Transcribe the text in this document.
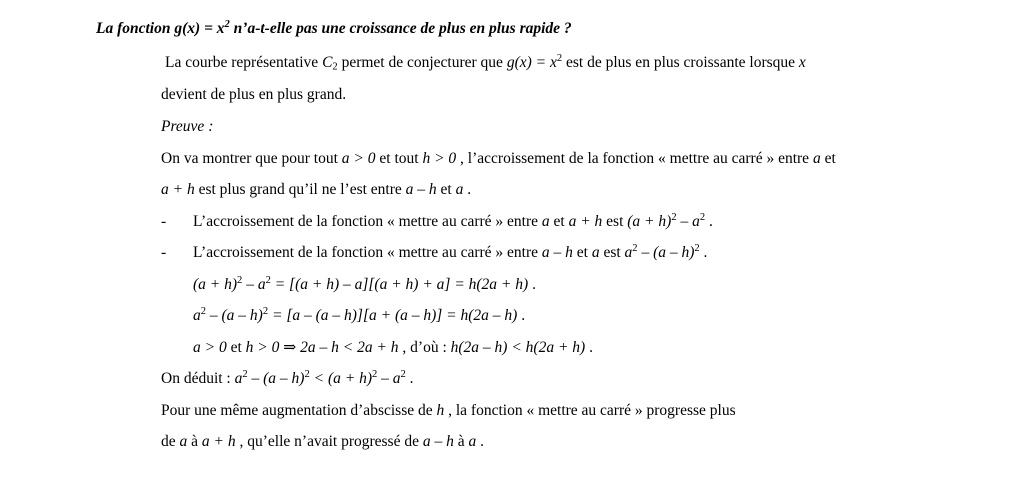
La fonction $g(x) = x^2$ n’a-t-elle pas une croissance de plus en plus rapide ?
La courbe représentative $C_2$ permet de conjecturer que $g(x) = x^2$ est de plus en plus croissante lorsque x
devient de plus en plus grand.
Preuve :
On va montrer que pour tout a > 0 et tout h > 0 , l’accroissement de la fonction « mettre au carré » entre a et
a + h est plus grand qu’il ne l’est entre a – h et a .
- L’accroissement de la fonction « mettre au carré » entre a et a + h est $(a + h)^2 - a^2$ .
- L’accroissement de la fonction « mettre au carré » entre a – h et a est $a^2 - (a - h)^2$ .
$(a + h)^2 - a^2 = [(a + h) - a][(a + h) + a] = h(2a + h)$ .
$a^2 - (a - h)^2 = [a - (a - h)][a + (a - h)] = h(2a - h)$ .
a > 0 et h > 0 ⇒ 2a – h < 2a + h , d’où : h(2a – h) < h(2a + h) .
On déduit : $a^2 - (a - h)^2 < (a + h)^2 - a^2$ .
Pour une même augmentation d’abscisse de h , la fonction « mettre au carré » progresse plus
de a à a + h , qu’elle n’avait progressé de a – h à a .
